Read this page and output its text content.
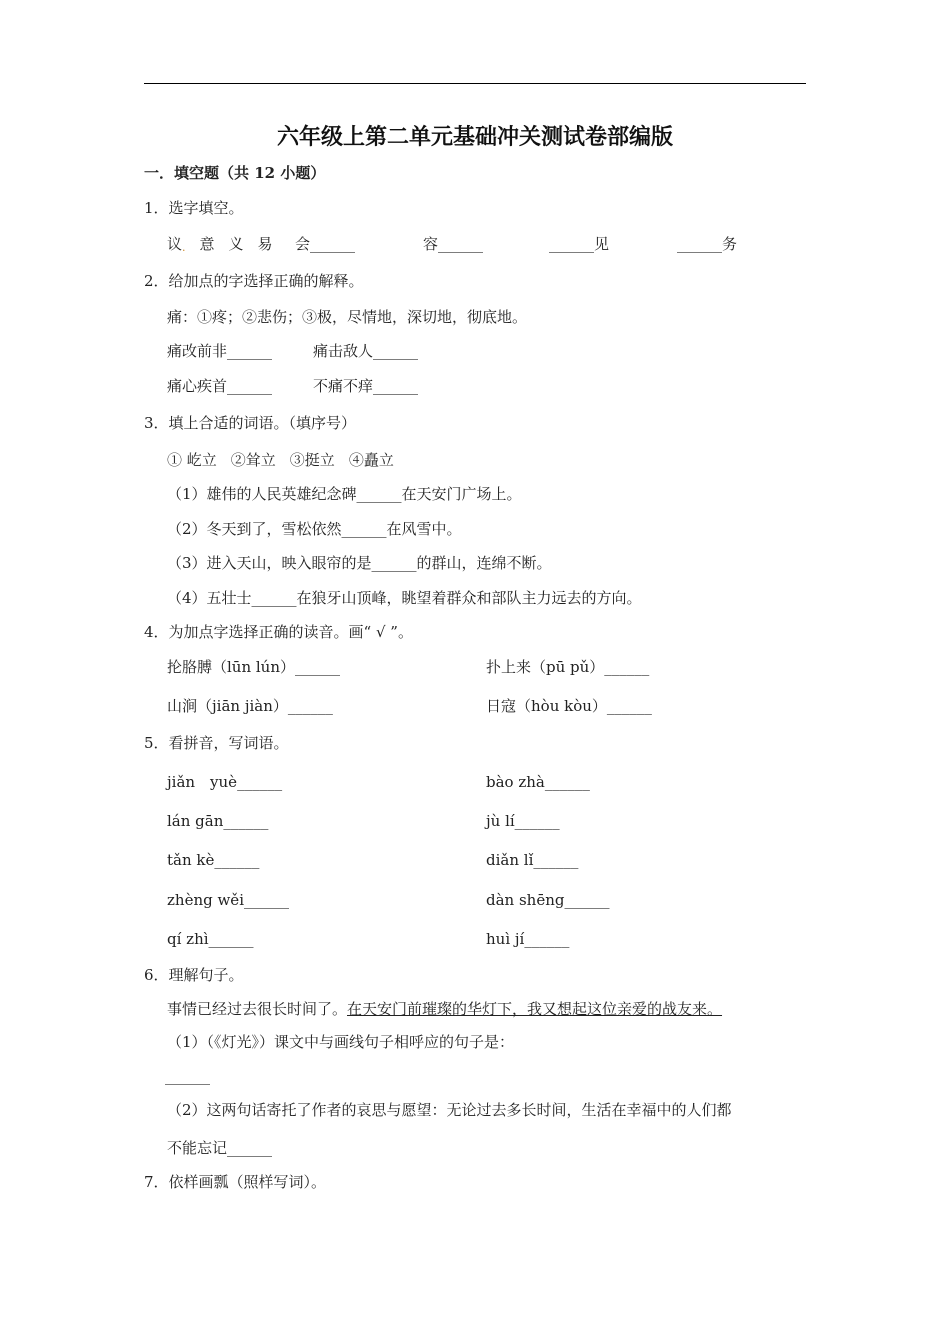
六年级上第二单元基础冲关测试卷部编版
一．填空题（共 12 小题）
1．选字填空。
议. 意 义 易 会______	容______	______见	______务
2．给加点的字选择正确的解释。
痛：①疼；②悲伤；③极，尽情地，深切地，彻底地。
痛改前非______	痛击敌人______
痛心疾首______	不痛不痒______
3．填上合适的词语。（填序号）
① 屹立 ②耸立 ③挺立 ④矗立
（1）雄伟的人民英雄纪念碑______在天安门广场上。
（2）冬天到了，雪松依然______在风雪中。
（3）进入天山，映入眼帘的是______的群山，连绵不断。
（4）五壮士______在狼牙山顶峰，眺望着群众和部队主力远去的方向。
4．为加点字选择正确的读音。画“ √ ”。
抡胳膊（lūn lún）______	扑上来（pū pǔ）______
山涧（jiān jiàn）______	日寇（hòu kòu）______
5．看拼音，写词语。
jiǎn　yuè______	bào zhà______
lán gān______	jù lí______
tǎn kè______	diǎn lǐ______
zhèng wěi______	dàn shēng______
qí zhì______	huì jí______
6．理解句子。
事情已经过去很长时间了。在天安门前璀璨的华灯下，我又想起这位亲爱的战友来。
（1）（《灯光》）课文中与画线句子相呼应的句子是：
______
（2）这两句话寄托了作者的哀思与愿望：无论过去多长时间，生活在幸福中的人们都
不能忘记______
7．依样画瓢（照样写词）。
